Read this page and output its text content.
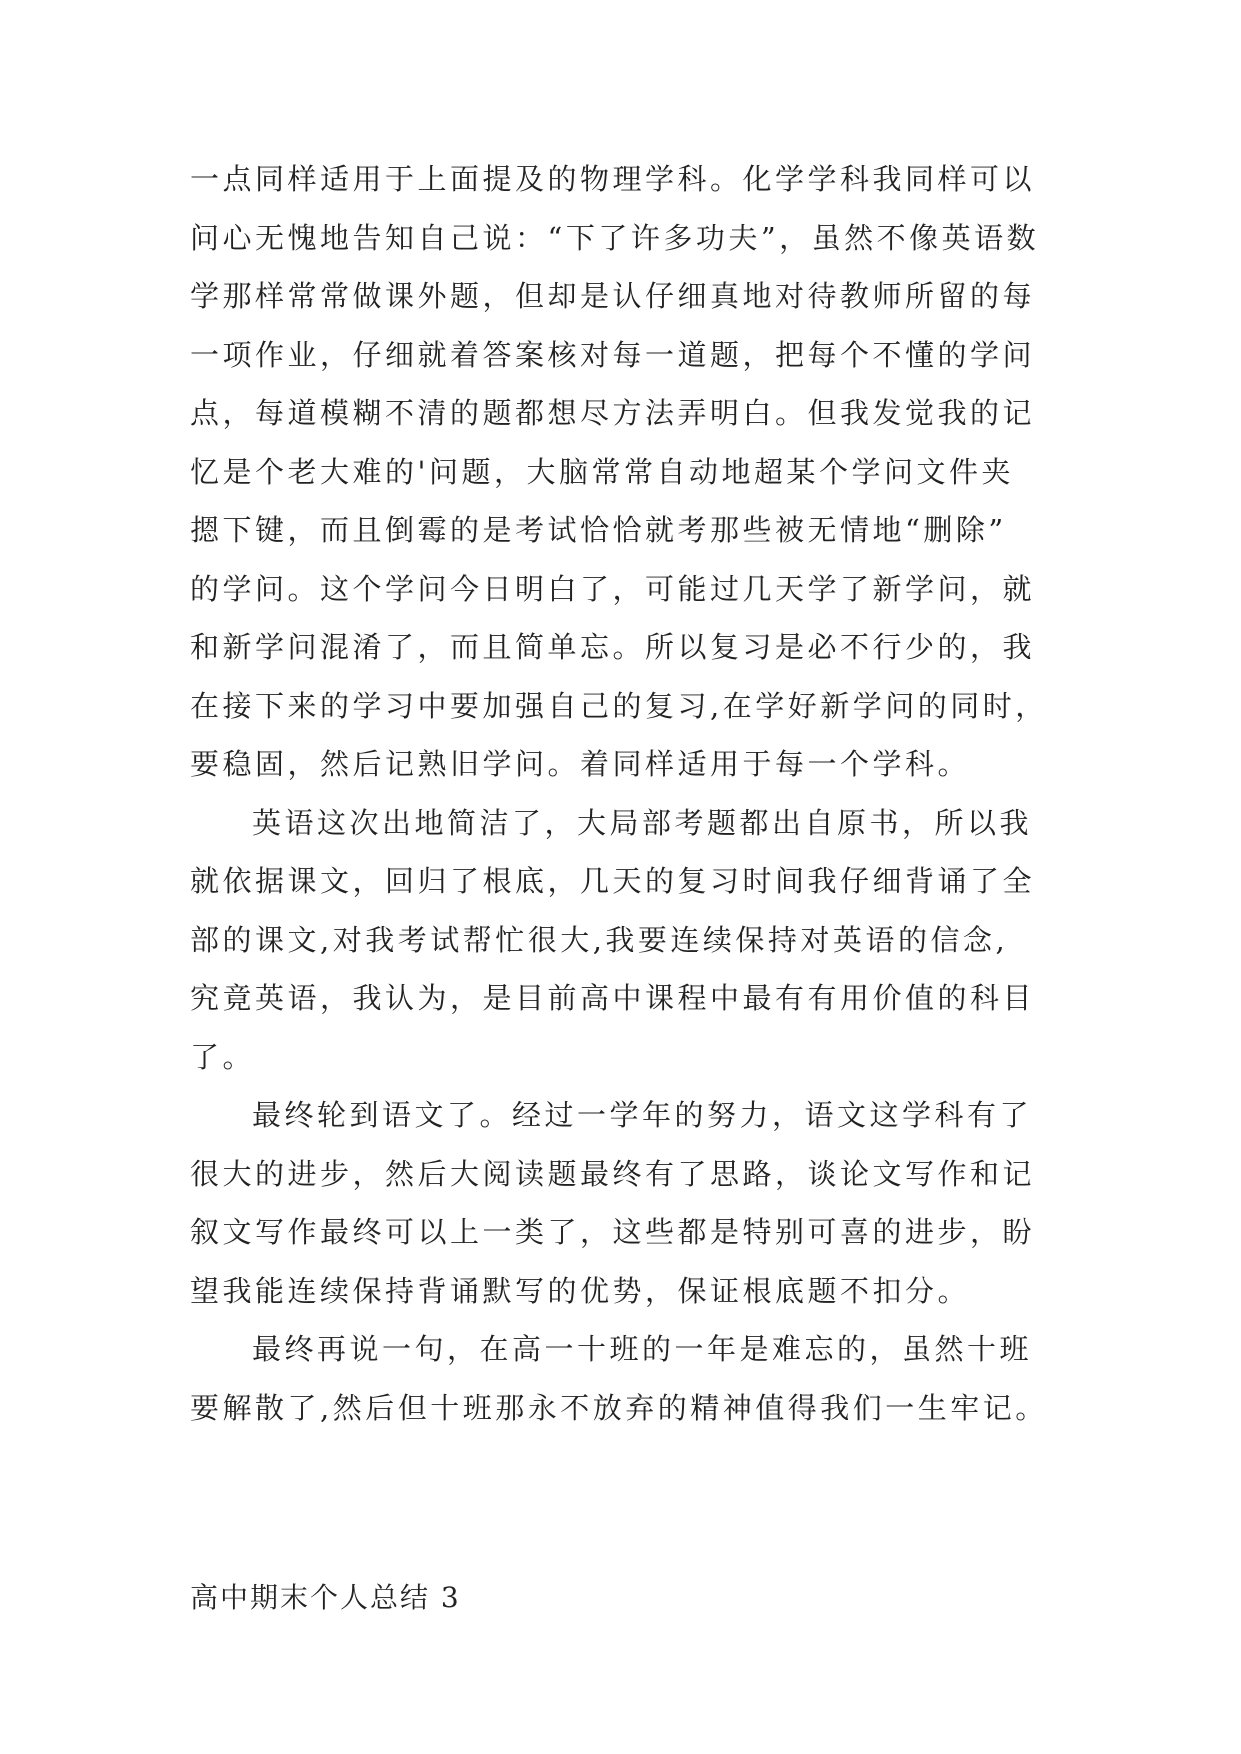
一点同样适用于上面提及的物理学科。化学学科我同样可以
问心无愧地告知自己说：“下了许多功夫”，虽然不像英语数
学那样常常做课外题，但却是认仔细真地对待教师所留的每
一项作业，仔细就着答案核对每一道题，把每个不懂的学问
点，每道模糊不清的题都想尽方法弄明白。但我发觉我的记
忆是个老大难的'问题，大脑常常自动地超某个学问文件夹
摁下键，而且倒霉的是考试恰恰就考那些被无情地“删除”
的学问。这个学问今日明白了，可能过几天学了新学问，就
和新学问混淆了，而且简单忘。所以复习是必不行少的，我
在接下来的学习中要加强自己的复习,在学好新学问的同时，
要稳固，然后记熟旧学问。着同样适用于每一个学科。
英语这次出地简洁了，大局部考题都出自原书，所以我
就依据课文，回归了根底，几天的复习时间我仔细背诵了全
部的课文,对我考试帮忙很大,我要连续保持对英语的信念,
究竟英语，我认为，是目前高中课程中最有有用价值的科目
了。
最终轮到语文了。经过一学年的努力，语文这学科有了
很大的进步，然后大阅读题最终有了思路，谈论文写作和记
叙文写作最终可以上一类了，这些都是特别可喜的进步，盼
望我能连续保持背诵默写的优势，保证根底题不扣分。
最终再说一句，在高一十班的一年是难忘的，虽然十班
要解散了,然后但十班那永不放弃的精神值得我们一生牢记。
高中期末个人总结 3
